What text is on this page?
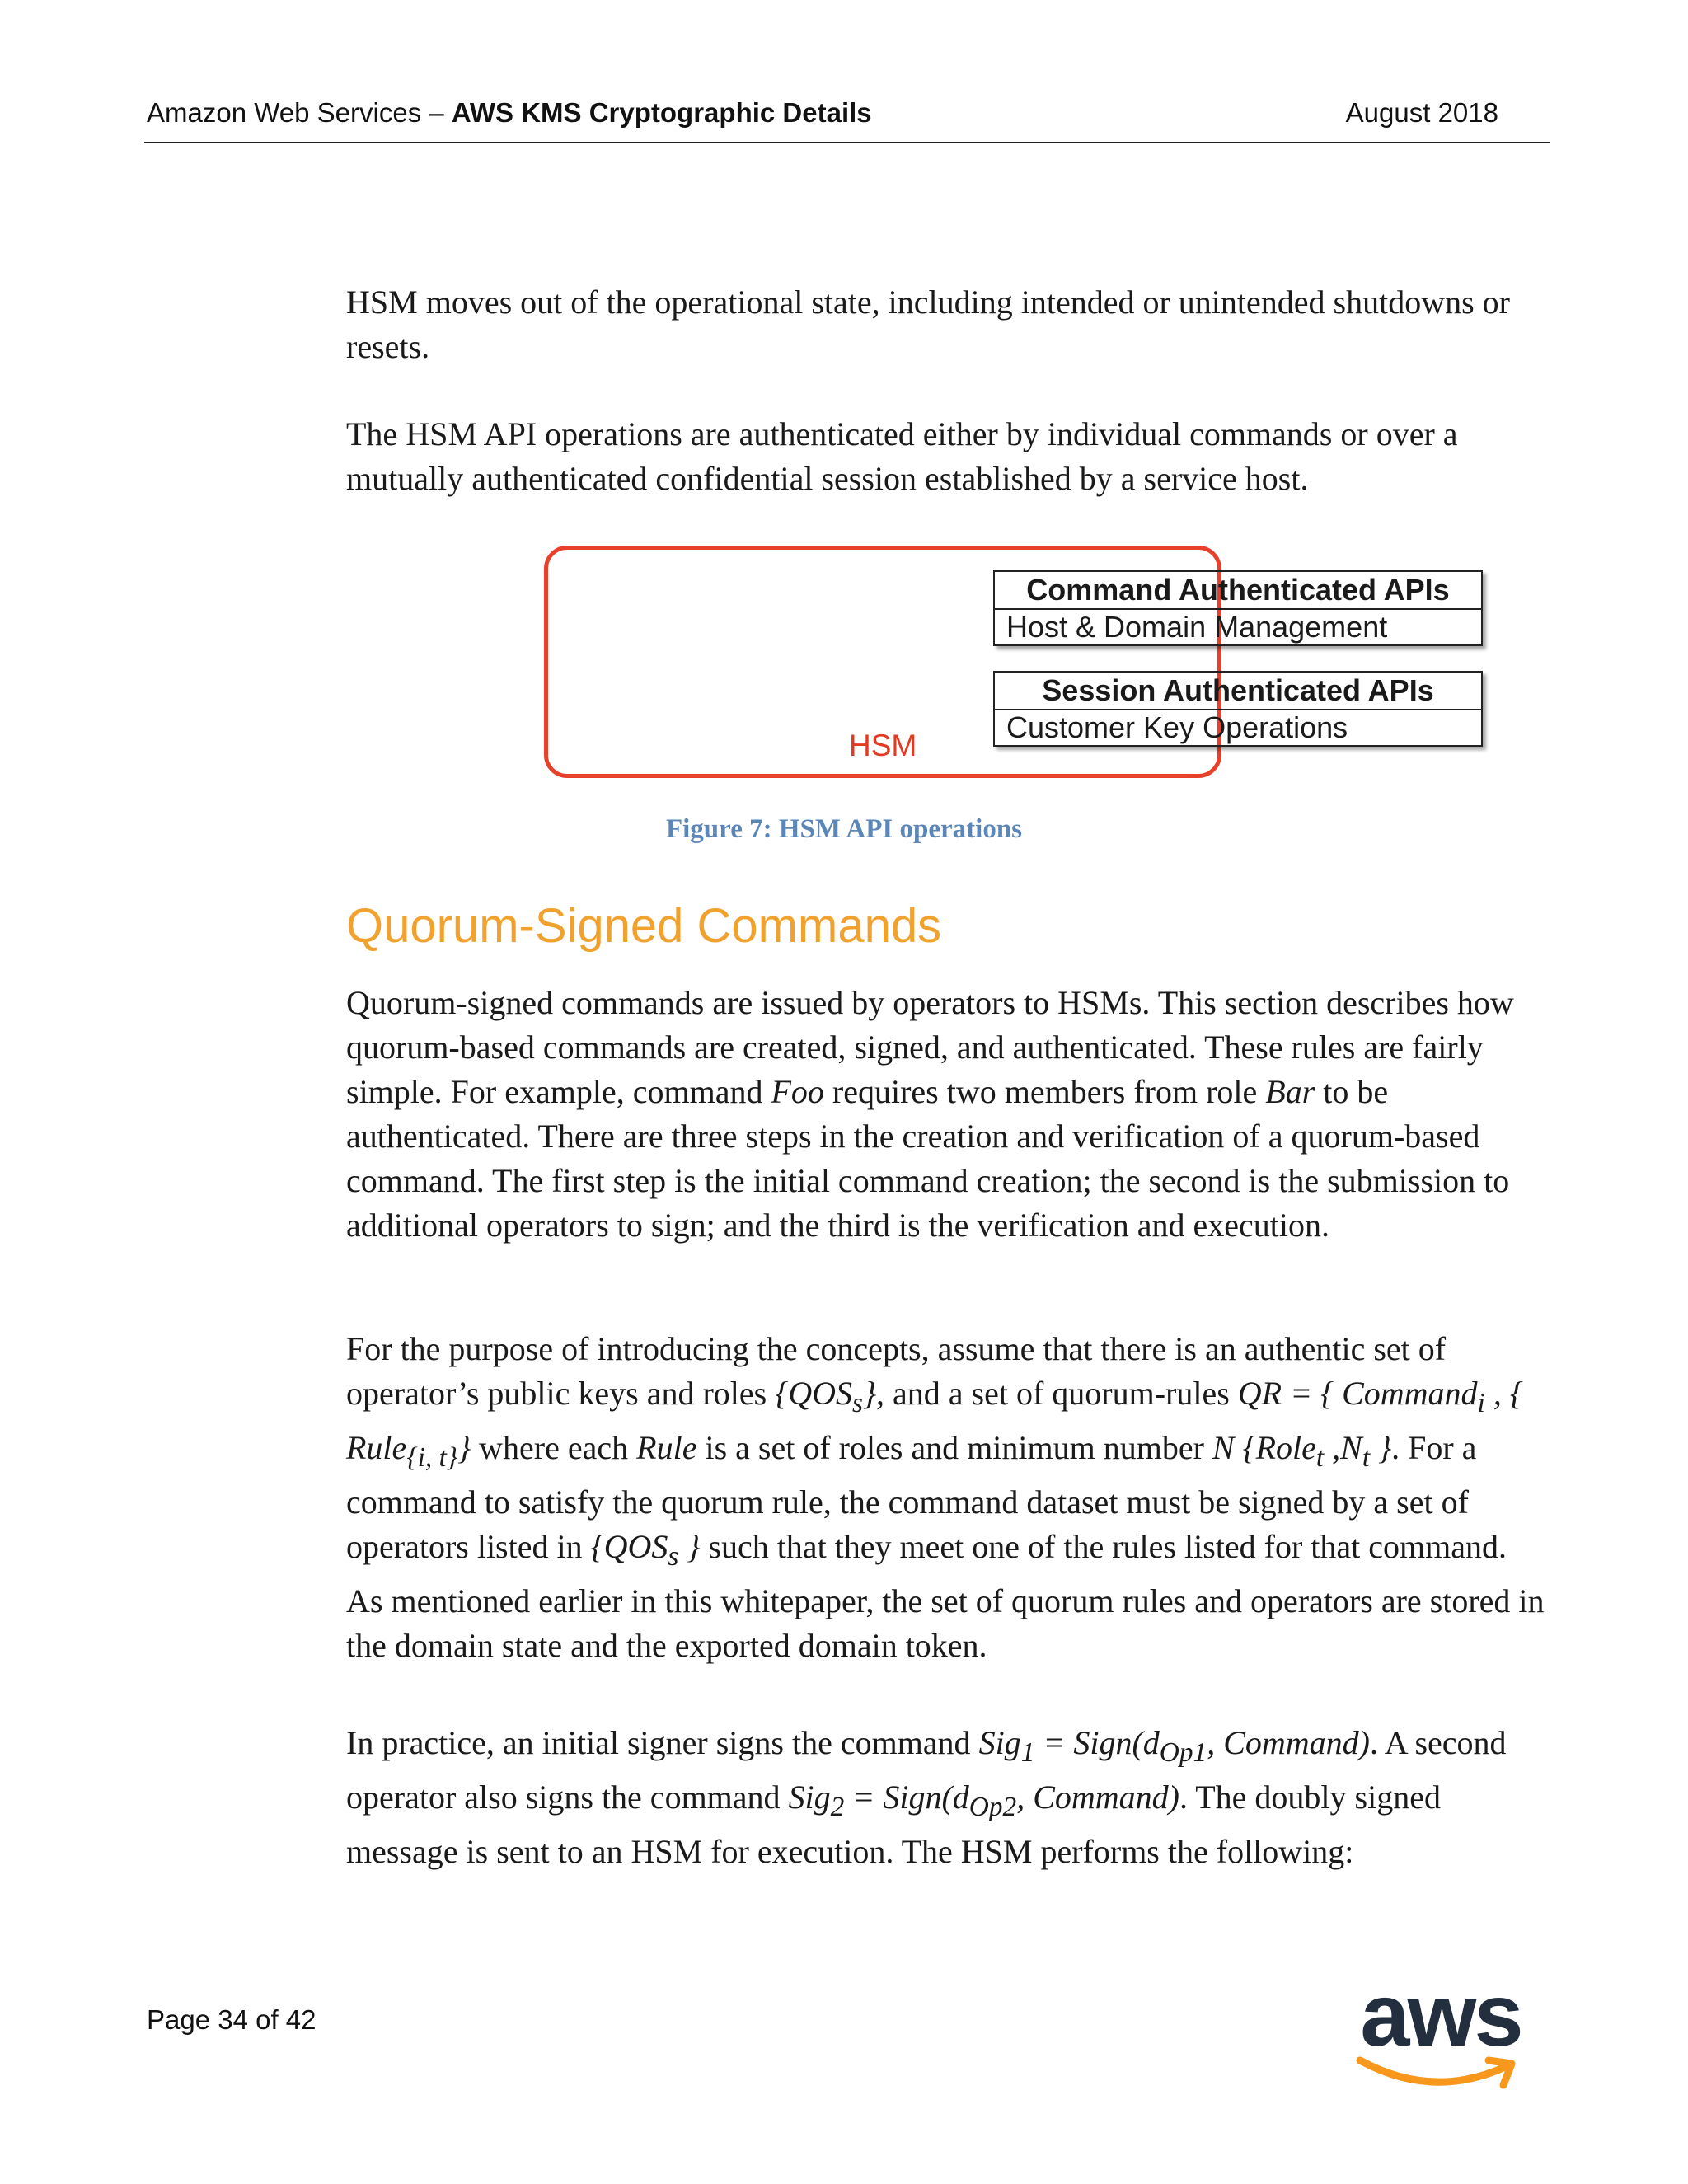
Amazon Web Services – AWS KMS Cryptographic Details	August 2018

HSM moves out of the operational state, including intended or unintended shutdowns or resets.

The HSM API operations are authenticated either by individual commands or over a mutually authenticated confidential session established by a service host.

HSM
Command Authenticated APIs
Host & Domain Management
Session Authenticated APIs
Customer Key Operations
Figure 7: HSM API operations
Quorum-Signed Commands

Quorum-signed commands are issued by operators to HSMs. This section describes how quorum-based commands are created, signed, and authenticated. These rules are fairly simple. For example, command Foo requires two members from role Bar to be authenticated. There are three steps in the creation and verification of a quorum-based command. The first step is the initial command creation; the second is the submission to additional operators to sign; and the third is the verification and execution.

For the purpose of introducing the concepts, assume that there is an authentic set of operator’s public keys and roles $\{QOS_s\}$, and a set of quorum-rules QR = { Command$_i$ , { Rule$_{\{i, t\}}$} where each Rule is a set of roles and minimum number N {Role$_t$ $,N_t$ }. For a command to satisfy the quorum rule, the command dataset must be signed by a set of operators listed in {$QOS_s$ } such that they meet one of the rules listed for that command. As mentioned earlier in this whitepaper, the set of quorum rules and operators are stored in the domain state and the exported domain token.

In practice, an initial signer signs the command $Sig_1 = Sign(d_{Op1}$, Command). A second operator also signs the command $Sig_2 = Sign(d_{Op2}$, Command). The doubly signed message is sent to an HSM for execution. The HSM performs the following:

Page 34 of 42	aws
